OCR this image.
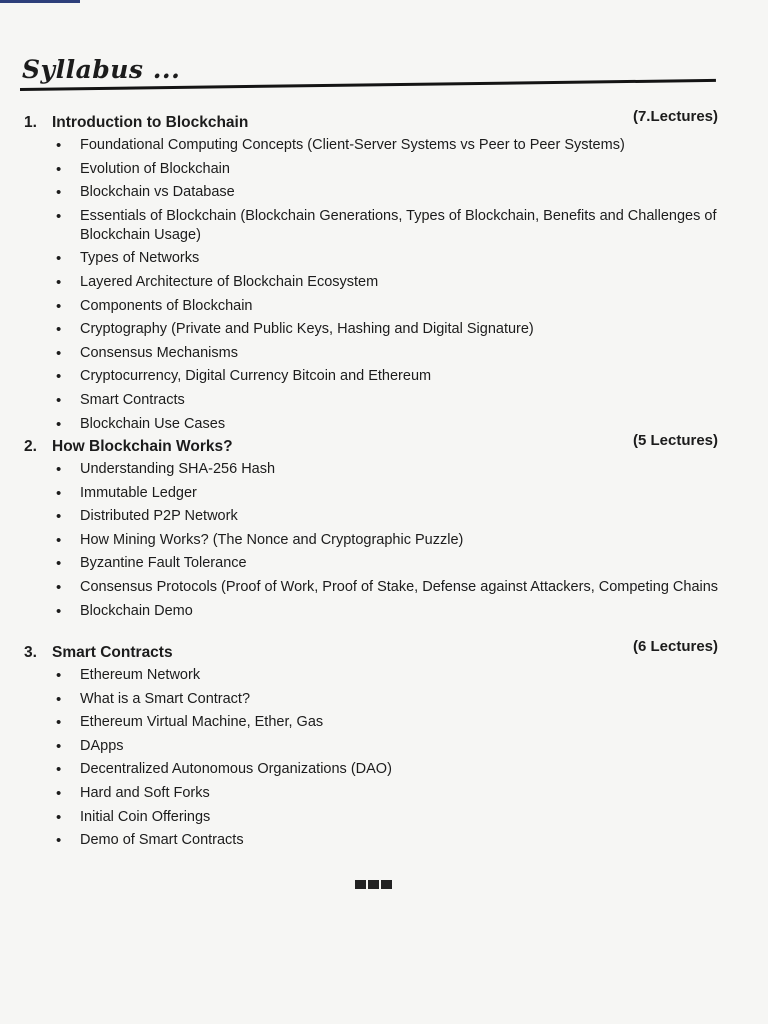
Syllabus ...
1. Introduction to Blockchain	(7.Lectures)
• Foundational Computing Concepts (Client-Server Systems vs Peer to Peer Systems)
• Evolution of Blockchain
• Blockchain vs Database
• Essentials of Blockchain (Blockchain Generations, Types of Blockchain, Benefits and Challenges of Blockchain Usage)
• Types of Networks
• Layered Architecture of Blockchain Ecosystem
• Components of Blockchain
• Cryptography (Private and Public Keys, Hashing and Digital Signature)
• Consensus Mechanisms
• Cryptocurrency, Digital Currency Bitcoin and Ethereum
• Smart Contracts
• Blockchain Use Cases
2. How Blockchain Works?	(5 Lectures)
• Understanding SHA-256 Hash
• Immutable Ledger
• Distributed P2P Network
• How Mining Works? (The Nonce and Cryptographic Puzzle)
• Byzantine Fault Tolerance
• Consensus Protocols (Proof of Work, Proof of Stake, Defense against Attackers, Competing Chains
• Blockchain Demo
3. Smart Contracts	(6 Lectures)
• Ethereum Network
• What is a Smart Contract?
• Ethereum Virtual Machine, Ether, Gas
• DApps
• Decentralized Autonomous Organizations (DAO)
• Hard and Soft Forks
• Initial Coin Offerings
• Demo of Smart Contracts
